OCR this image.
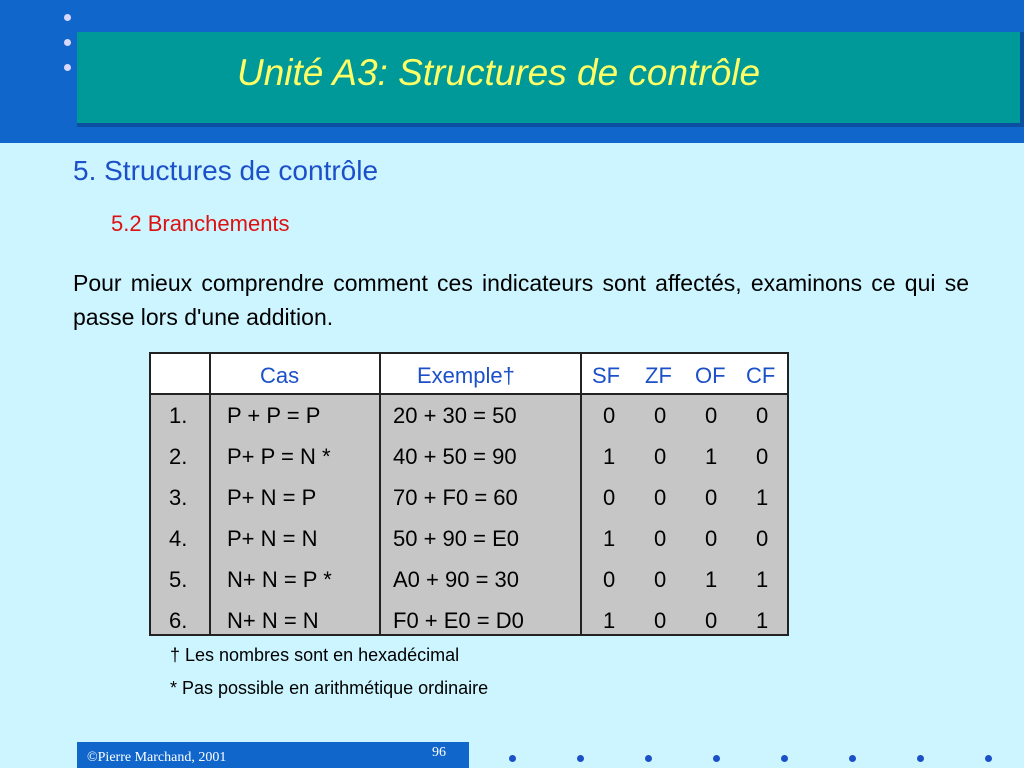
Unité A3: Structures de contrôle
5. Structures de contrôle
5.2 Branchements
Pour mieux comprendre comment ces indicateurs sont affectés, examinons ce qui se passe lors d'une addition.
Cas	Exemple†	SF ZF OF CF
1. P + P = P	20 + 30 = 50	0 0 0 0
2. P+ P = N *	40 + 50 = 90	1 0 1 0
3. P+ N = P	70 + F0 = 60	0 0 0 1
4. P+ N = N	50 + 90 = E0	1 0 0 0
5. N+ N = P *	A0 + 90 = 30	0 0 1 1
6. N+ N = N	F0 + E0 = D0	1 0 0 1
† Les nombres sont en hexadécimal
* Pas possible en arithmétique ordinaire
©Pierre Marchand, 2001	96
